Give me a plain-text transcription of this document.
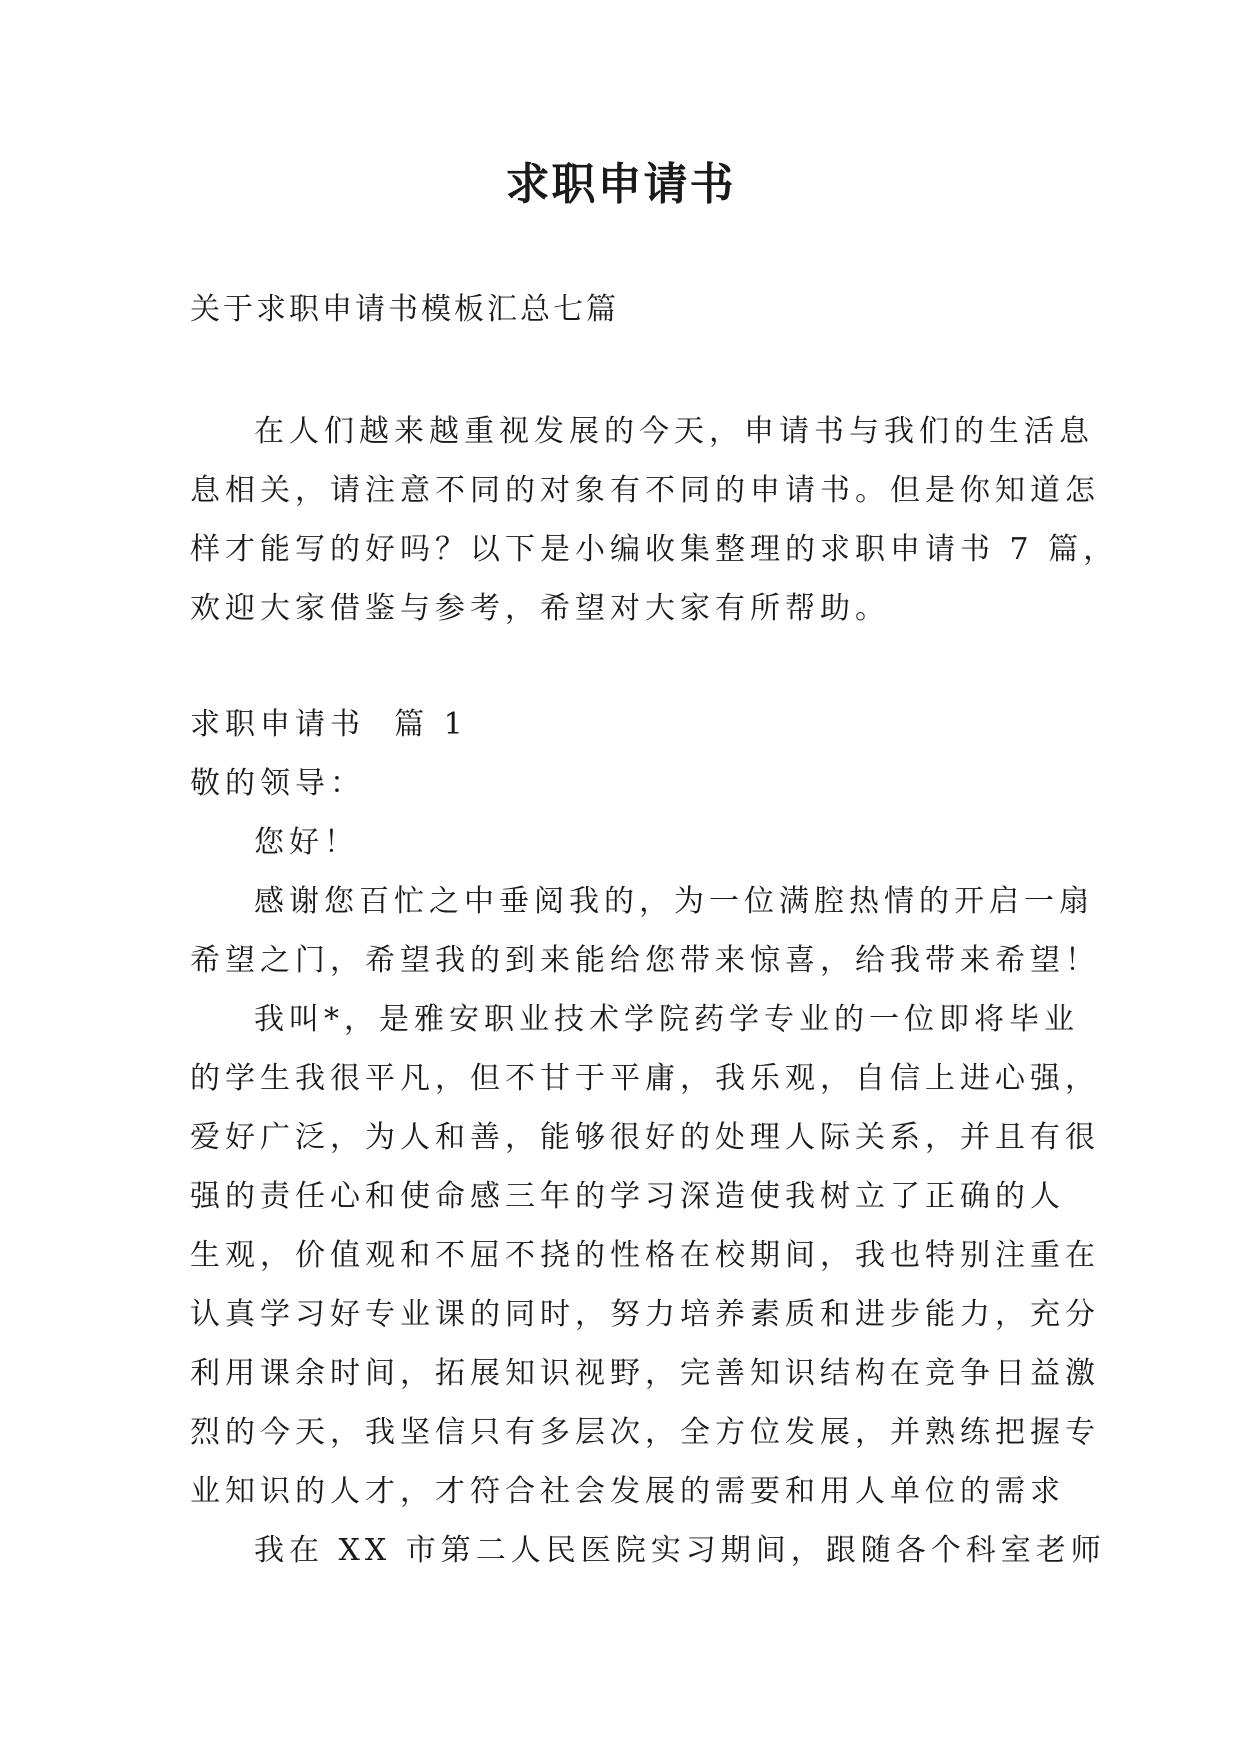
求职申请书
关于求职申请书模板汇总七篇
在人们越来越重视发展的今天，申请书与我们的生活息
息相关，请注意不同的对象有不同的申请书。但是你知道怎
样才能写的好吗？以下是小编收集整理的求职申请书 7 篇，
欢迎大家借鉴与参考，希望对大家有所帮助。
求职申请书  篇 1
敬的领导：
您好！
感谢您百忙之中垂阅我的，为一位满腔热情的开启一扇
希望之门，希望我的到来能给您带来惊喜，给我带来希望！
我叫*，是雅安职业技术学院药学专业的一位即将毕业
的学生我很平凡，但不甘于平庸，我乐观，自信上进心强，
爱好广泛，为人和善，能够很好的处理人际关系，并且有很
强的责任心和使命感三年的学习深造使我树立了正确的人
生观，价值观和不屈不挠的性格在校期间，我也特别注重在
认真学习好专业课的同时，努力培养素质和进步能力，充分
利用课余时间，拓展知识视野，完善知识结构在竞争日益激
烈的今天，我坚信只有多层次，全方位发展，并熟练把握专
业知识的人才，才符合社会发展的需要和用人单位的需求
我在 XX 市第二人民医院实习期间，跟随各个科室老师
